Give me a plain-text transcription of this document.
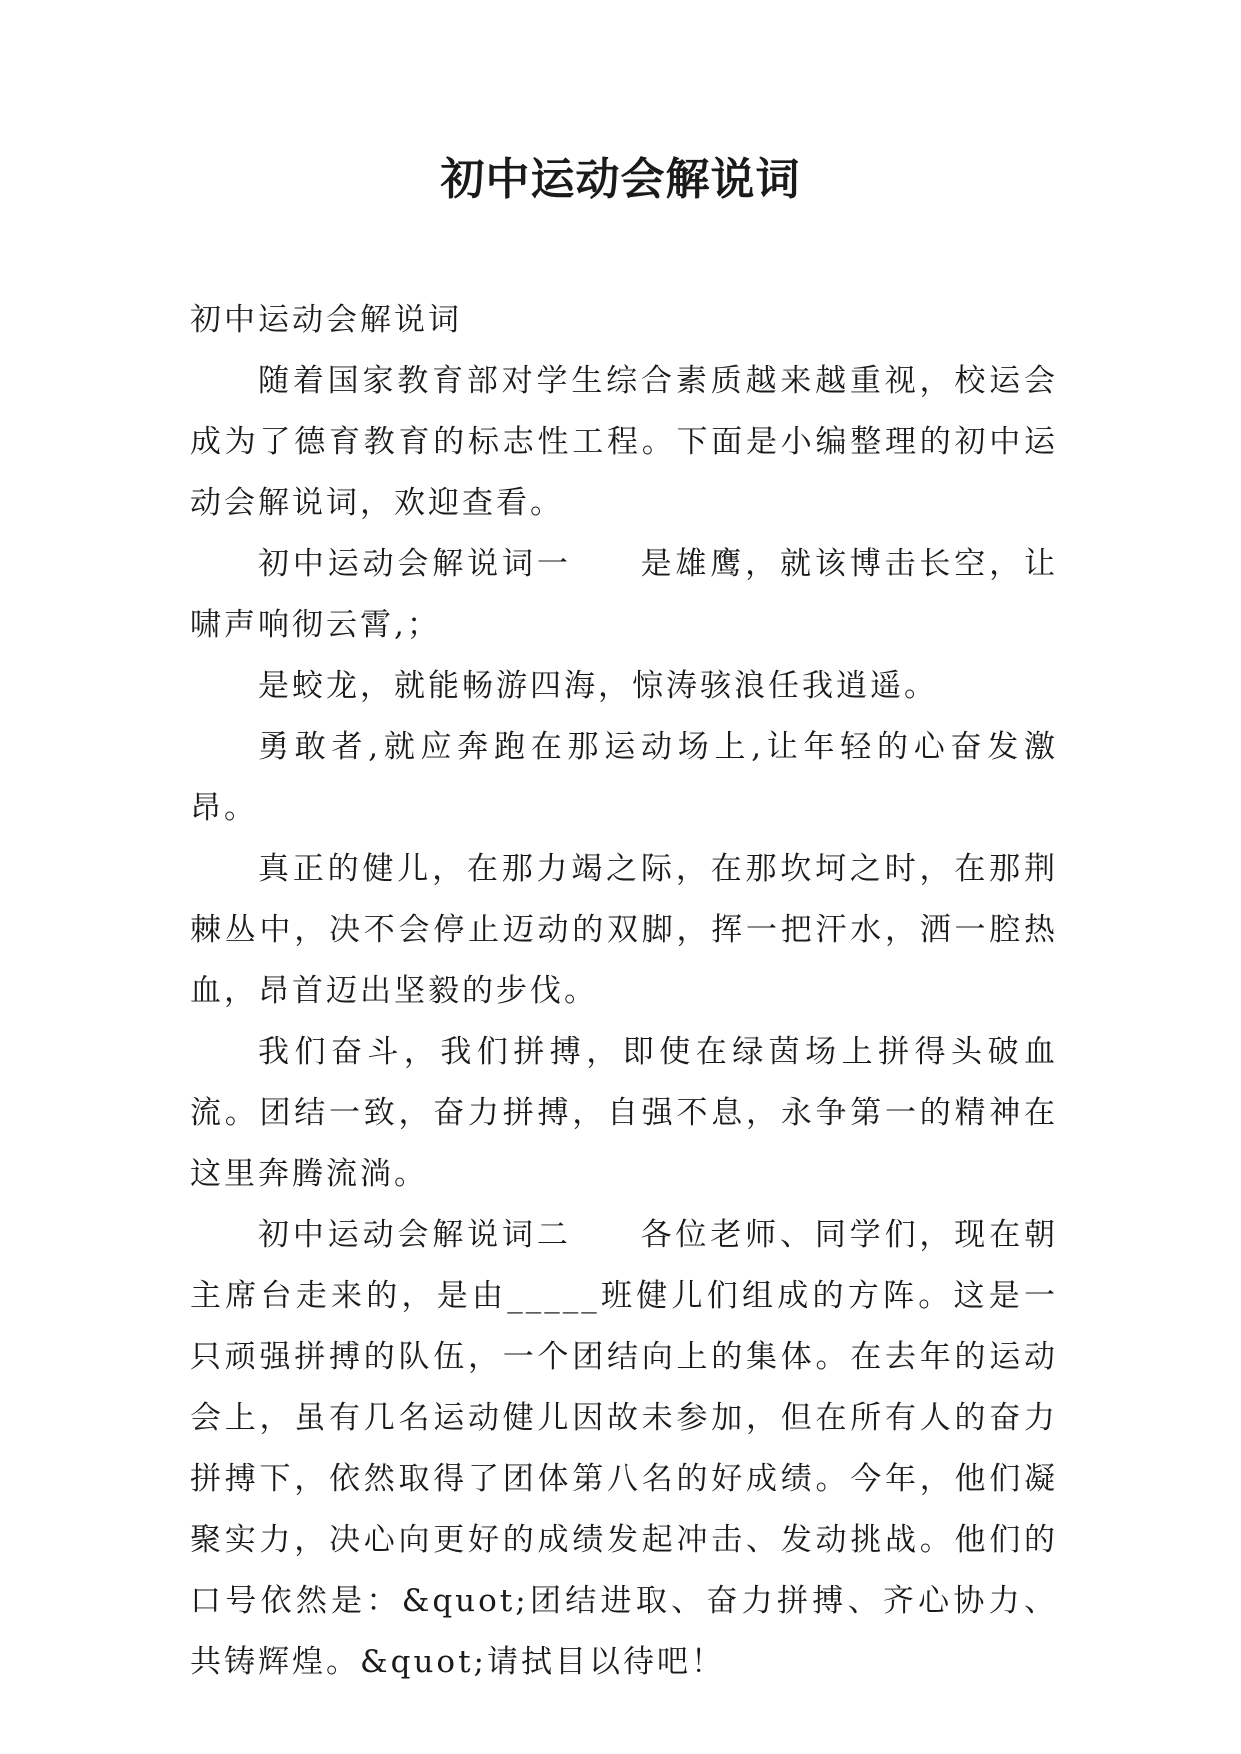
初中运动会解说词

初中运动会解说词

随着国家教育部对学生综合素质越来越重视，校运会成为了德育教育的标志性工程。下面是小编整理的初中运动会解说词，欢迎查看。

初中运动会解说词一 是雄鹰，就该博击长空，让啸声响彻云霄,；

是蛟龙，就能畅游四海，惊涛骇浪任我逍遥。

勇敢者,就应奔跑在那运动场上,让年轻的心奋发激昂。

真正的健儿，在那力竭之际，在那坎坷之时，在那荆棘丛中，决不会停止迈动的双脚，挥一把汗水，洒一腔热血，昂首迈出坚毅的步伐。

我们奋斗，我们拼搏，即使在绿茵场上拼得头破血流。团结一致，奋力拼搏，自强不息，永争第一的精神在这里奔腾流淌。

初中运动会解说词二 各位老师、同学们，现在朝主席台走来的，是由_____班健儿们组成的方阵。这是一只顽强拼搏的队伍，一个团结向上的集体。在去年的运动会上，虽有几名运动健儿因故未参加，但在所有人的奋力拼搏下，依然取得了团体第八名的好成绩。今年，他们凝聚实力，决心向更好的成绩发起冲击、发动挑战。他们的口号依然是：&quot;团结进取、奋力拼搏、齐心协力、共铸辉煌。&quot;请拭目以待吧！
